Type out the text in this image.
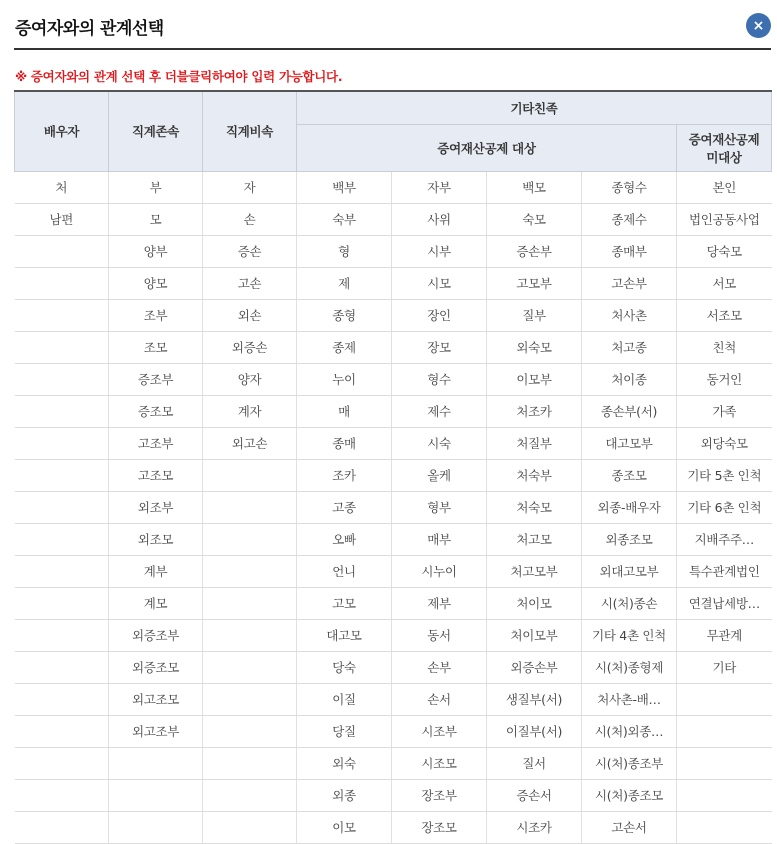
증여자와의 관계선택	×
※ 증여자와의 관계 선택 후 더블클릭하여야 입력 가능합니다.
배우자	직계존속	직계비속	기타친족				
			증여재산공제 대상				증여재산공제
미대상
처	부	자	백부	자부	백모	종형수	본인
남편	모	손	숙부	사위	숙모	종제수	법인공동사업
	양부	증손	형	시부	증손부	종매부	당숙모
	양모	고손	제	시모	고모부	고손부	서모
	조부	외손	종형	장인	질부	처사촌	서조모
	조모	외증손	종제	장모	외숙모	처고종	친척
	증조부	양자	누이	형수	이모부	처이종	동거인
	증조모	계자	매	제수	처조카	종손부(서)	가족
	고조부	외고손	종매	시숙	처질부	대고모부	외당숙모
	고조모		조카	올케	처숙부	종조모	기타 5촌 인척
	외조부		고종	형부	처숙모	외종-배우자	기타 6촌 인척
	외조모		오빠	매부	처고모	외종조모	지배주주…
	계부		언니	시누이	처고모부	외대고모부	특수관계법인
	계모		고모	제부	처이모	시(처)종손	연결납세방…
	외증조부		대고모	동서	처이모부	기타 4촌 인척	무관계
	외증조모		당숙	손부	외증손부	시(처)종형제	기타
	외고조모		이질	손서	생질부(서)	처사촌-배…	
	외고조부		당질	시조부	이질부(서)	시(처)외종…	
			외숙	시조모	질서	시(처)종조부	
			외종	장조부	증손서	시(처)종조모	
			이모	장조모	시조카	고손서	
